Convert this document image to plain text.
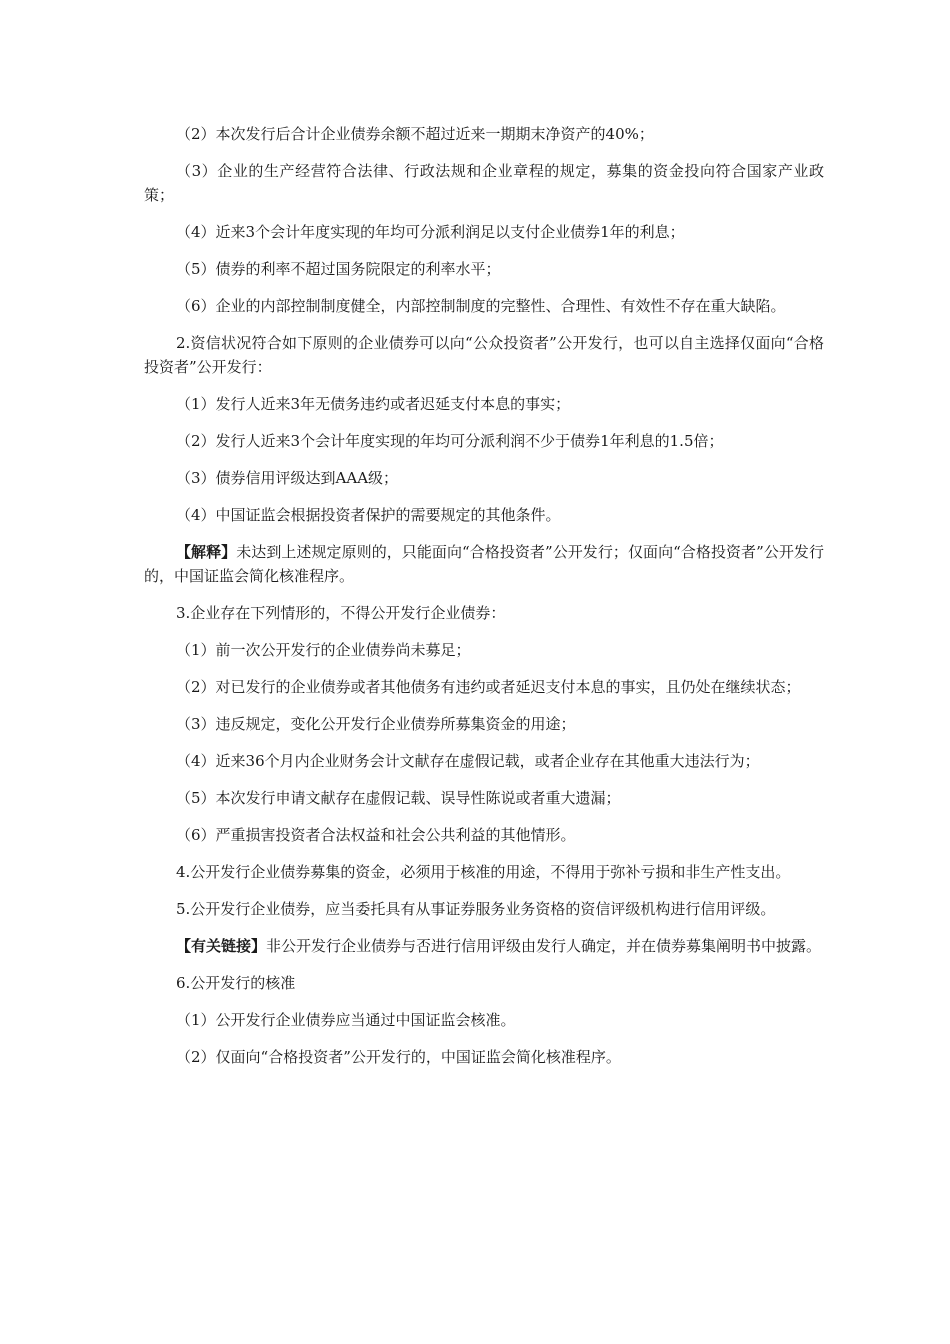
（2）本次发行后合计企业债券余额不超过近来一期期末净资产的40%；

（3）企业的生产经营符合法律、行政法规和企业章程的规定，募集的资金投向符合国家产业政策；

（4）近来3个会计年度实现的年均可分派利润足以支付企业债券1年的利息；

（5）债券的利率不超过国务院限定的利率水平；

（6）企业的内部控制制度健全，内部控制制度的完整性、合理性、有效性不存在重大缺陷。

2.资信状况符合如下原则的企业债券可以向“公众投资者”公开发行，也可以自主选择仅面向“合格投资者”公开发行：

（1）发行人近来3年无债务违约或者迟延支付本息的事实；

（2）发行人近来3个会计年度实现的年均可分派利润不少于债券1年利息的1.5倍；

（3）债券信用评级达到AAA级；

（4）中国证监会根据投资者保护的需要规定的其他条件。

【解释】未达到上述规定原则的，只能面向“合格投资者”公开发行；仅面向“合格投资者”公开发行的，中国证监会简化核准程序。

3.企业存在下列情形的，不得公开发行企业债券：

（1）前一次公开发行的企业债券尚未募足；

（2）对已发行的企业债券或者其他债务有违约或者延迟支付本息的事实，且仍处在继续状态；

（3）违反规定，变化公开发行企业债券所募集资金的用途；

（4）近来36个月内企业财务会计文献存在虚假记载，或者企业存在其他重大违法行为；

（5）本次发行申请文献存在虚假记载、误导性陈说或者重大遗漏；

（6）严重损害投资者合法权益和社会公共利益的其他情形。

4.公开发行企业债券募集的资金，必须用于核准的用途，不得用于弥补亏损和非生产性支出。

5.公开发行企业债券，应当委托具有从事证券服务业务资格的资信评级机构进行信用评级。

【有关链接】非公开发行企业债券与否进行信用评级由发行人确定，并在债券募集阐明书中披露。

6.公开发行的核准

（1）公开发行企业债券应当通过中国证监会核准。

（2）仅面向“合格投资者”公开发行的，中国证监会简化核准程序。
